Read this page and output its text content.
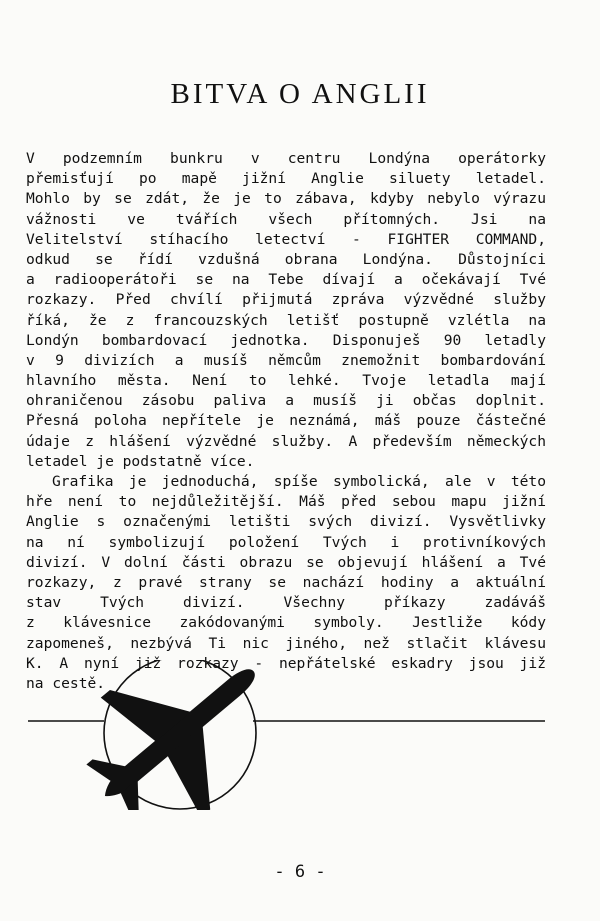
BITVA O ANGLII
V podzemním bunkru v centru Londýna operátorky
přemisťují po mapě jižní Anglie siluety letadel.
Mohlo by se zdát, že je to zábava, kdyby nebylo výrazu
vážnosti ve tvářích všech přítomných. Jsi na
Velitelství stíhacího letectví - FIGHTER COMMAND,
odkud se řídí vzdušná obrana Londýna. Důstojníci
a radiooperátoři se na Tebe dívají a očekávají Tvé
rozkazy. Před chvílí přijmutá zpráva výzvědné služby
říká, že z francouzských letišť postupně vzlétla na
Londýn bombardovací jednotka. Disponuješ 90 letadly
v 9 divizích a musíš němcům znemožnit bombardování
hlavního města. Není to lehké. Tvoje letadla mají
ohraničenou zásobu paliva a musíš ji občas doplnit.
Přesná poloha nepřítele je neznámá, máš pouze částečné
údaje z hlášení výzvědné služby. A především německých
letadel je podstatně více.
Grafika je jednoduchá, spíše symbolická, ale v této
hře není to nejdůležitější. Máš před sebou mapu jižní
Anglie s označenými letišti svých divizí. Vysvětlivky
na ní symbolizují položení Tvých i protivníkových
divizí. V dolní části obrazu se objevují hlášení a Tvé
rozkazy, z pravé strany se nachází hodiny a aktuální
stav Tvých divizí. Všechny příkazy zadáváš
z klávesnice zakódovanými symboly. Jestliže kódy
zapomeneš, nezbývá Ti nic jiného, než stlačit klávesu
K. A nyní již rozkazy - nepřátelské eskadry jsou již
na cestě.
- 6 -
